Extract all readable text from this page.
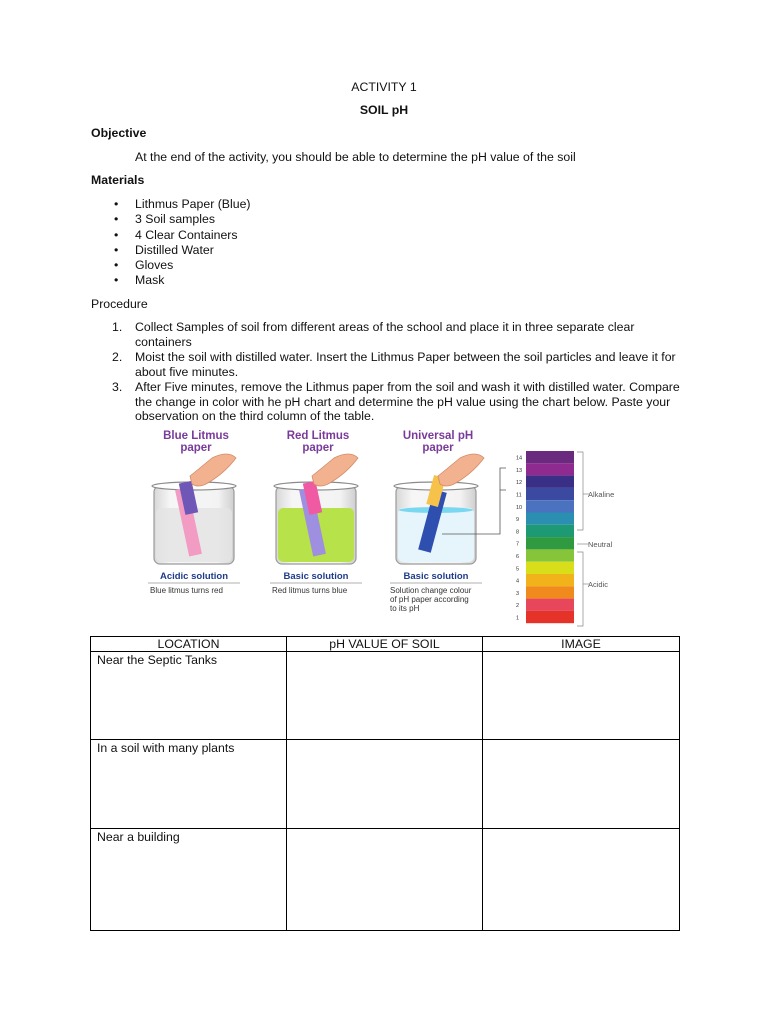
ACTIVITY 1
SOIL pH
Objective
At the end of the activity, you should be able to determine the pH value of the soil
Materials
• Lithmus Paper (Blue)
• 3 Soil samples
• 4 Clear Containers
• Distilled Water
• Gloves
• Mask
Procedure
1. Collect Samples of soil from different areas of the school and place it in three separate clear containers
2. Moist the soil with distilled water. Insert the Lithmus Paper between the soil particles and leave it for about five minutes.
3. After Five minutes, remove the Lithmus paper from the soil and wash it with distilled water. Compare the change in color with he pH chart and determine the pH value using the chart below. Paste your observation on the third column of the table.
Blue Litmus
paper
Red Litmus
paper
Universal pH
paper
14
13
12
11
10
9
8
7
6
5
4
3
2
1
Alkaline
Neutral
Acidic
Acidic solution	Basic solution	Basic solution
Blue litmus turns red	Red litmus turns blue	Solution change colour
of pH paper according
to its pH
LOCATION	pH VALUE OF SOIL	IMAGE
Near the Septic Tanks		
In a soil with many plants		
Near a building		
